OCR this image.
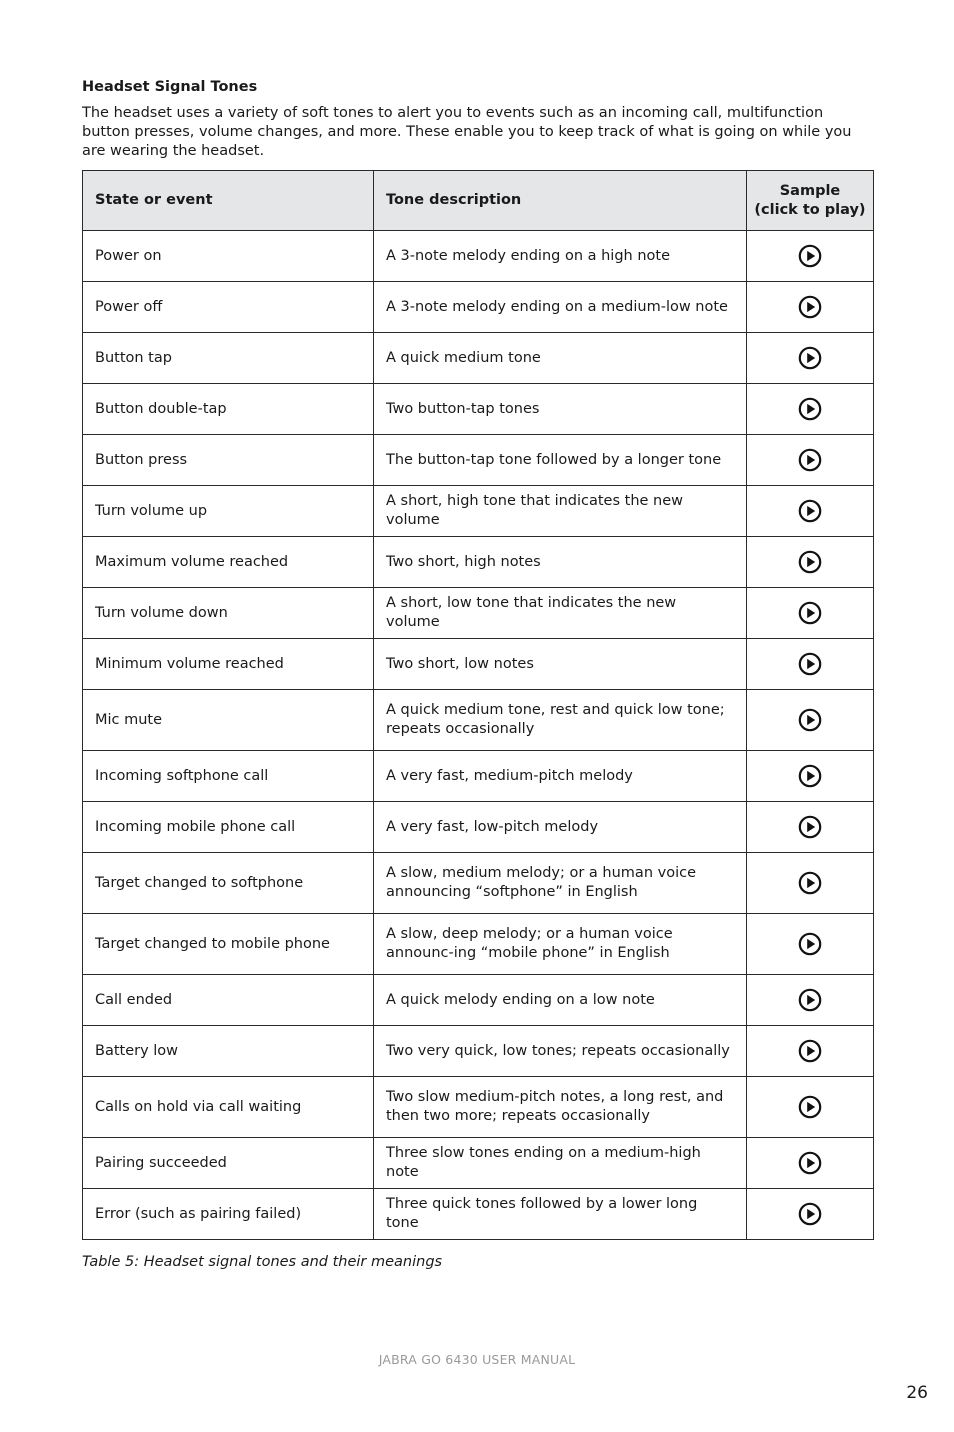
Headset Signal Tones
The headset uses a variety of soft tones to alert you to events such as an incoming call, multifunction button presses, volume changes, and more. These enable you to keep track of what is going on while you are wearing the headset.
State or event	Tone description	Sample
(click to play)

Power on	A 3-note melody ending on a high note	
Power off	A 3-note melody ending on a medium-low note	
Button tap	A quick medium tone	
Button double-tap	Two button-tap tones	
Button press	The button-tap tone followed by a longer tone	
Turn volume up	A short, high tone that indicates the new volume	
Maximum volume reached	Two short, high notes	
Turn volume down	A short, low tone that indicates the new volume	
Minimum volume reached	Two short, low notes	
Mic mute	A quick medium tone, rest and quick low tone; repeats occasionally	
Incoming softphone call	A very fast, medium-pitch melody	
Incoming mobile phone call	A very fast, low-pitch melody	
Target changed to softphone	A slow, medium melody; or a human voice announcing “softphone” in English	
Target changed to mobile phone	A slow, deep melody; or a human voice announc-ing “mobile phone” in English	
Call ended	A quick melody ending on a low note	
Battery low	Two very quick, low tones; repeats occasionally	
Calls on hold via call waiting	Two slow medium-pitch notes, a long rest, and then two more; repeats occasionally	
Pairing succeeded	Three slow tones ending on a medium-high note	
Error (such as pairing failed)	Three quick tones followed by a lower long tone	
Table 5: Headset signal tones and their meanings
JABRA GO 6430 USER MANUAL
26
